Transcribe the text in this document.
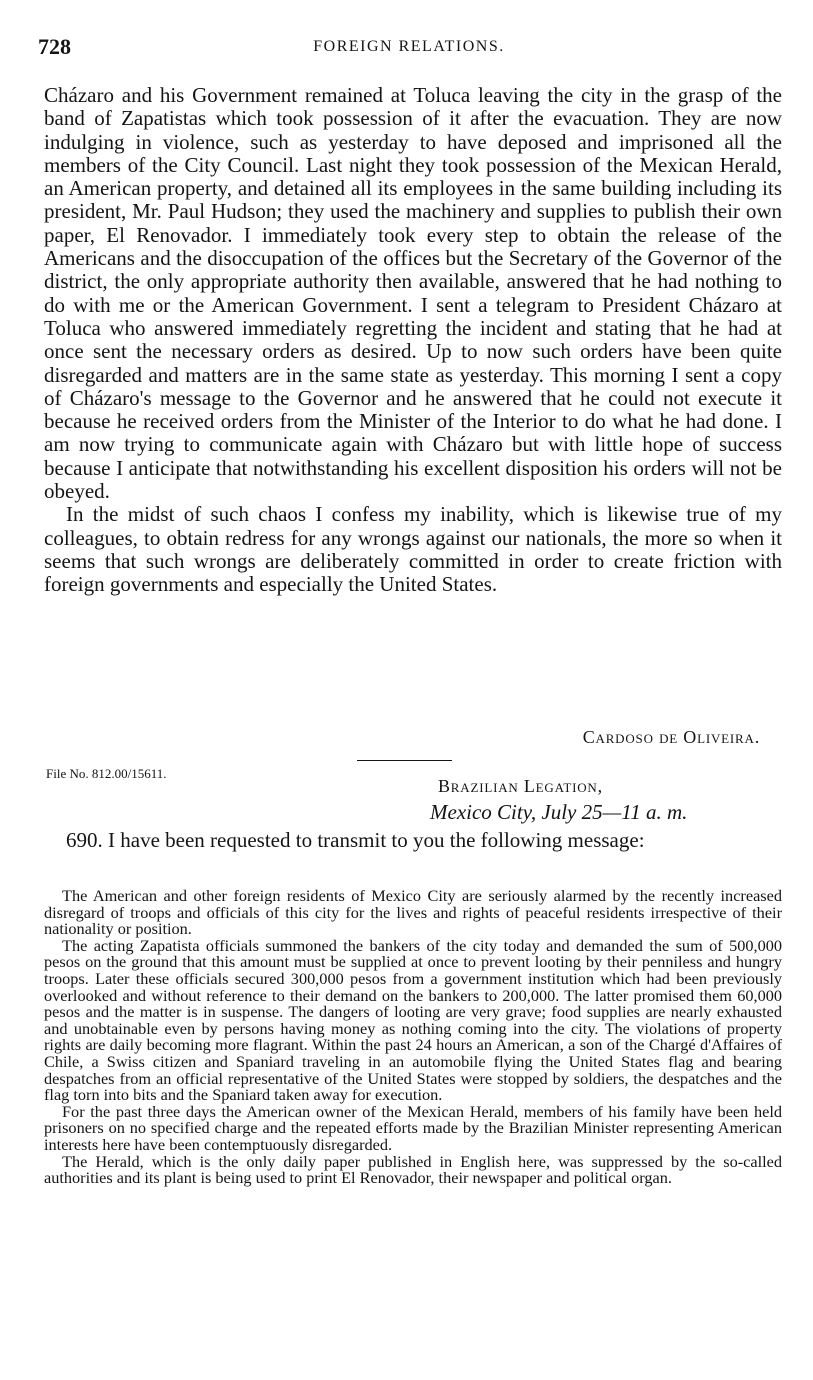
728	FOREIGN RELATIONS.

Cházaro and his Government remained at Toluca leaving the city in the grasp of the band of Zapatistas which took possession of it after the evacuation. They are now indulging in violence, such as yesterday to have deposed and imprisoned all the members of the City Council. Last night they took possession of the Mexican Herald, an American property, and detained all its employees in the same building including its president, Mr. Paul Hudson; they used the machinery and supplies to publish their own paper, El Renovador. I immediately took every step to obtain the release of the Americans and the disoccupation of the offices but the Secretary of the Governor of the district, the only appropriate authority then available, answered that he had nothing to do with me or the American Government. I sent a telegram to President Cházaro at Toluca who answered immediately regretting the incident and stating that he had at once sent the necessary orders as desired. Up to now such orders have been quite disregarded and matters are in the same state as yesterday. This morning I sent a copy of Cházaro's message to the Governor and he answered that he could not execute it because he received orders from the Minister of the Interior to do what he had done. I am now trying to communicate again with Cházaro but with little hope of success because I anticipate that notwithstanding his excellent disposition his orders will not be obeyed.

In the midst of such chaos I confess my inability, which is likewise true of my colleagues, to obtain redress for any wrongs against our nationals, the more so when it seems that such wrongs are deliberately committed in order to create friction with foreign governments and especially the United States.

Cardoso de Oliveira.
File No. 812.00/15611.
Brazilian Legation,
Mexico City, July 25—11 a. m.

690. I have been requested to transmit to you the following message:

The American and other foreign residents of Mexico City are seriously alarmed by the recently increased disregard of troops and officials of this city for the lives and rights of peaceful residents irrespective of their nationality or position.

The acting Zapatista officials summoned the bankers of the city today and demanded the sum of 500,000 pesos on the ground that this amount must be supplied at once to prevent looting by their penniless and hungry troops. Later these officials secured 300,000 pesos from a government institution which had been previously overlooked and without reference to their demand on the bankers to 200,000. The latter promised them 60,000 pesos and the matter is in suspense. The dangers of looting are very grave; food supplies are nearly exhausted and unobtainable even by persons having money as nothing coming into the city. The violations of property rights are daily becoming more flagrant. Within the past 24 hours an American, a son of the Chargé d'Affaires of Chile, a Swiss citizen and Spaniard traveling in an automobile flying the United States flag and bearing despatches from an official representative of the United States were stopped by soldiers, the despatches and the flag torn into bits and the Spaniard taken away for execution.

For the past three days the American owner of the Mexican Herald, members of his family have been held prisoners on no specified charge and the repeated efforts made by the Brazilian Minister representing American interests here have been contemptuously disregarded.

The Herald, which is the only daily paper published in English here, was suppressed by the so-called authorities and its plant is being used to print El Renovador, their newspaper and political organ.
